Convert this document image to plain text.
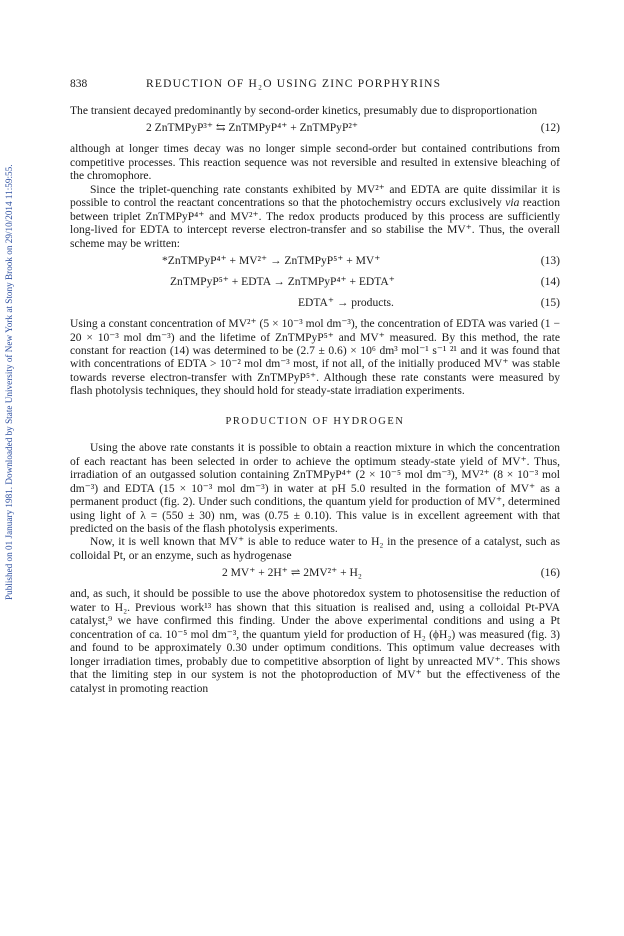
Published on 01 January 1981. Downloaded by State University of New York at Stony Brook on 29/10/2014 11:59:55.
838	REDUCTION OF H₂O USING ZINC PORPHYRINS

The transient decayed predominantly by second-order kinetics, presumably due to disproportionation

2 ZnTMPyP³⁺ ⇆ ZnTMPyP⁴⁺ + ZnTMPyP²⁺	(12)

although at longer times decay was no longer simple second-order but contained contributions from competitive processes. This reaction sequence was not reversible and resulted in extensive bleaching of the chromophore.

Since the triplet-quenching rate constants exhibited by MV²⁺ and EDTA are quite dissimilar it is possible to control the reactant concentrations so that the photochemistry occurs exclusively via reaction between triplet ZnTMPyP⁴⁺ and MV²⁺. The redox products produced by this process are sufficiently long-lived for EDTA to intercept reverse electron-transfer and so stabilise the MV⁺. Thus, the overall scheme may be written:

*ZnTMPyP⁴⁺ + MV²⁺ → ZnTMPyP⁵⁺ + MV⁺	(13)
ZnTMPyP⁵⁺ + EDTA → ZnTMPyP⁴⁺ + EDTA⁺	(14)
EDTA⁺ → products.	(15)

Using a constant concentration of MV²⁺ (5 × 10⁻³ mol dm⁻³), the concentration of EDTA was varied (1 − 20 × 10⁻³ mol dm⁻³) and the lifetime of ZnTMPyP⁵⁺ and MV⁺ measured. By this method, the rate constant for reaction (14) was determined to be (2.7 ± 0.6) × 10⁶ dm³ mol⁻¹ s⁻¹ ²¹ and it was found that with concentrations of EDTA > 10⁻² mol dm⁻³ most, if not all, of the initially produced MV⁺ was stable towards reverse electron-transfer with ZnTMPyP⁵⁺. Although these rate constants were measured by flash photolysis techniques, they should hold for steady-state irradiation experiments.

PRODUCTION OF HYDROGEN

Using the above rate constants it is possible to obtain a reaction mixture in which the concentration of each reactant has been selected in order to achieve the optimum steady-state yield of MV⁺. Thus, irradiation of an outgassed solution containing ZnTMPyP⁴⁺ (2 × 10⁻⁵ mol dm⁻³), MV²⁺ (8 × 10⁻³ mol dm⁻³) and EDTA (15 × 10⁻³ mol dm⁻³) in water at pH 5.0 resulted in the formation of MV⁺ as a permanent product (fig. 2). Under such conditions, the quantum yield for production of MV⁺, determined using light of λ = (550 ± 30) nm, was (0.75 ± 0.10). This value is in excellent agreement with that predicted on the basis of the flash photolysis experiments.

Now, it is well known that MV⁺ is able to reduce water to H₂ in the presence of a catalyst, such as colloidal Pt, or an enzyme, such as hydrogenase

2 MV⁺ + 2H⁺ ⇌ 2MV²⁺ + H₂	(16)

and, as such, it should be possible to use the above photoredox system to photosensitise the reduction of water to H₂. Previous work¹³ has shown that this situation is realised and, using a colloidal Pt-PVA catalyst,⁹ we have confirmed this finding. Under the above experimental conditions and using a Pt concentration of ca. 10⁻⁵ mol dm⁻³, the quantum yield for production of H₂ (ϕH₂) was measured (fig. 3) and found to be approximately 0.30 under optimum conditions. This optimum value decreases with longer irradiation times, probably due to competitive absorption of light by unreacted MV⁺. This shows that the limiting step in our system is not the photoproduction of MV⁺ but the effectiveness of the catalyst in promoting reaction
